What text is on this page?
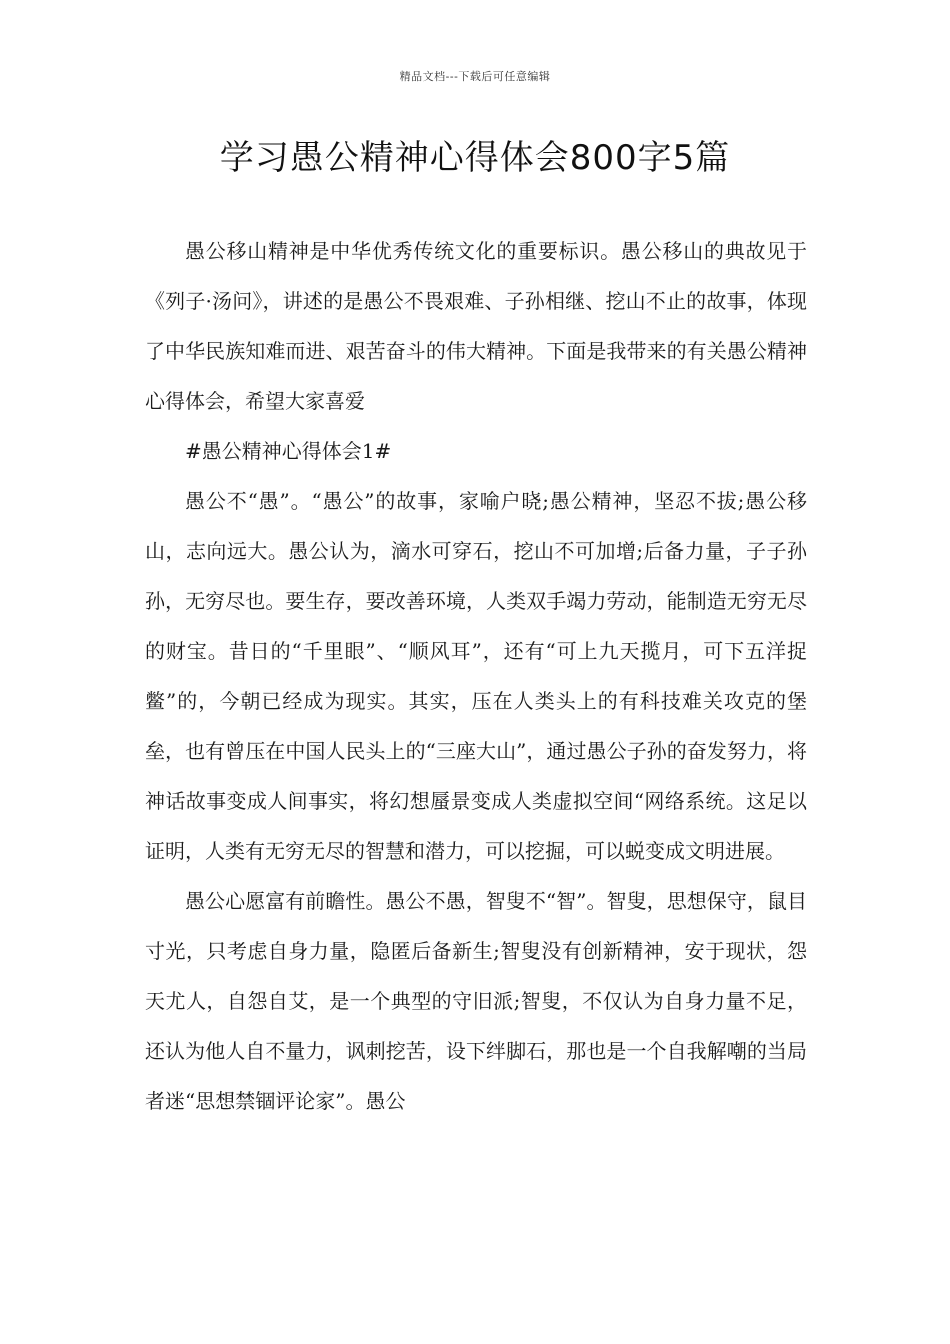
精品文档---下载后可任意编辑
学习愚公精神心得体会800字5篇

愚公移山精神是中华优秀传统文化的重要标识。愚公移山的典故见于《列子·汤问》，讲述的是愚公不畏艰难、子孙相继、挖山不止的故事，体现了中华民族知难而进、艰苦奋斗的伟大精神。下面是我带来的有关愚公精神心得体会，希望大家喜爱

#愚公精神心得体会1#

愚公不“愚”。“愚公”的故事，家喻户晓;愚公精神，坚忍不拔;愚公移山，志向远大。愚公认为，滴水可穿石，挖山不可加增;后备力量，子子孙孙，无穷尽也。要生存，要改善环境，人类双手竭力劳动，能制造无穷无尽的财宝。昔日的“千里眼”、“顺风耳”，还有“可上九天揽月，可下五洋捉鳖”的，今朝已经成为现实。其实，压在人类头上的有科技难关攻克的堡垒，也有曾压在中国人民头上的“三座大山”，通过愚公子孙的奋发努力，将神话故事变成人间事实，将幻想蜃景变成人类虚拟空间“网络系统。这足以证明，人类有无穷无尽的智慧和潜力，可以挖掘，可以蜕变成文明进展。

愚公心愿富有前瞻性。愚公不愚，智叟不“智”。智叟，思想保守，鼠目寸光，只考虑自身力量，隐匿后备新生;智叟没有创新精神，安于现状，怨天尤人，自怨自艾，是一个典型的守旧派;智叟，不仅认为自身力量不足，还认为他人自不量力，讽刺挖苦，设下绊脚石，那也是一个自我解嘲的当局者迷“思想禁锢评论家”。愚公
